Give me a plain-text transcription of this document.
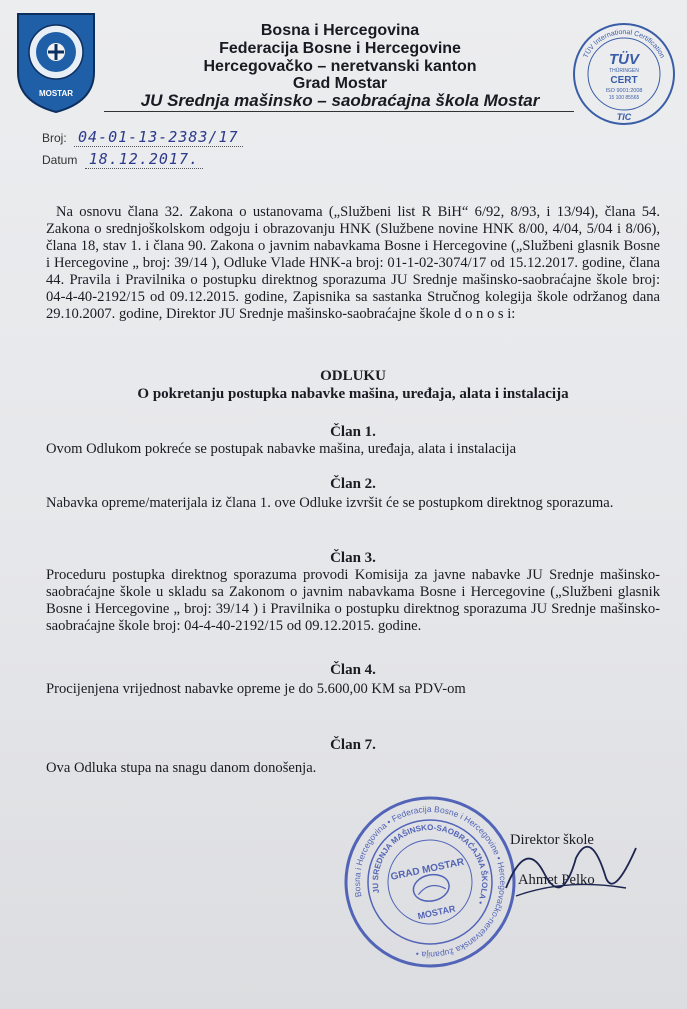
MOSTAR
Bosna i Hercegovina
Federacija Bosne i Hercegovine
Hercegovačko – neretvanski kanton
Grad Mostar
JU Srednja mašinsko – saobraćajna škola Mostar
TÜV International Certification
TÜV
THÜRINGEN
CERT
ISO 9001:2008
15 100 85565
TIC
Broj: 04-01-13-2383/17
Datum 18.12.2017.
Na osnovu člana 32. Zakona o ustanovama („Službeni list R BiH“ 6/92, 8/93, i 13/94), člana 54. Zakona o srednjoškolskom odgoju i obrazovanju HNK (Službene novine HNK 8/00, 4/04, 5/04 i 8/06), člana 18, stav 1. i člana 90. Zakona o javnim nabavkama Bosne i Hercegovine („Službeni glasnik Bosne i Hercegovine „ broj: 39/14 ), Odluke Vlade HNK-a broj: 01-1-02-3074/17 od 15.12.2017. godine, člana 44. Pravila i Pravilnika o postupku direktnog sporazuma JU Srednje mašinsko-saobraćajne škole broj: 04-4-40-2192/15 od 09.12.2015. godine, Zapisnika sa sastanka Stručnog kolegija škole održanog dana 29.10.2007. godine, Direktor JU Srednje mašinsko-saobraćajne škole d o n o s i:
ODLUKU
O pokretanju postupka nabavke mašina, uređaja, alata i instalacija
Član 1.
Ovom Odlukom pokreće se postupak nabavke mašina, uređaja, alata i instalacija
Član 2.
Nabavka opreme/materijala iz člana 1. ove Odluke izvršit će se postupkom direktnog sporazuma.
Član 3.
Proceduru postupka direktnog sporazuma provodi Komisija za javne nabavke JU Srednje mašinsko-saobraćajne škole u skladu sa Zakonom o javnim nabavkama Bosne i Hercegovine („Službeni glasnik Bosne i Hercegovine „ broj: 39/14 ) i Pravilnika o postupku direktnog sporazuma JU Srednje mašinsko-saobraćajne škole broj: 04-4-40-2192/15 od 09.12.2015. godine.
Član 4.
Procijenjena vrijednost nabavke opreme je do 5.600,00 KM sa PDV-om
Član 7.
Ova Odluka stupa na snagu danom donošenja.
Bosna i Hercegovina • Federacija Bosne i Hercegovine • Hercegovačko-neretvanska županija •
JU SREDNJA MAŠINSKO-SAOBRAĆAJNA ŠKOLA •
GRAD MOSTAR
MOSTAR
Direktor škole
Ahmet Pelko
